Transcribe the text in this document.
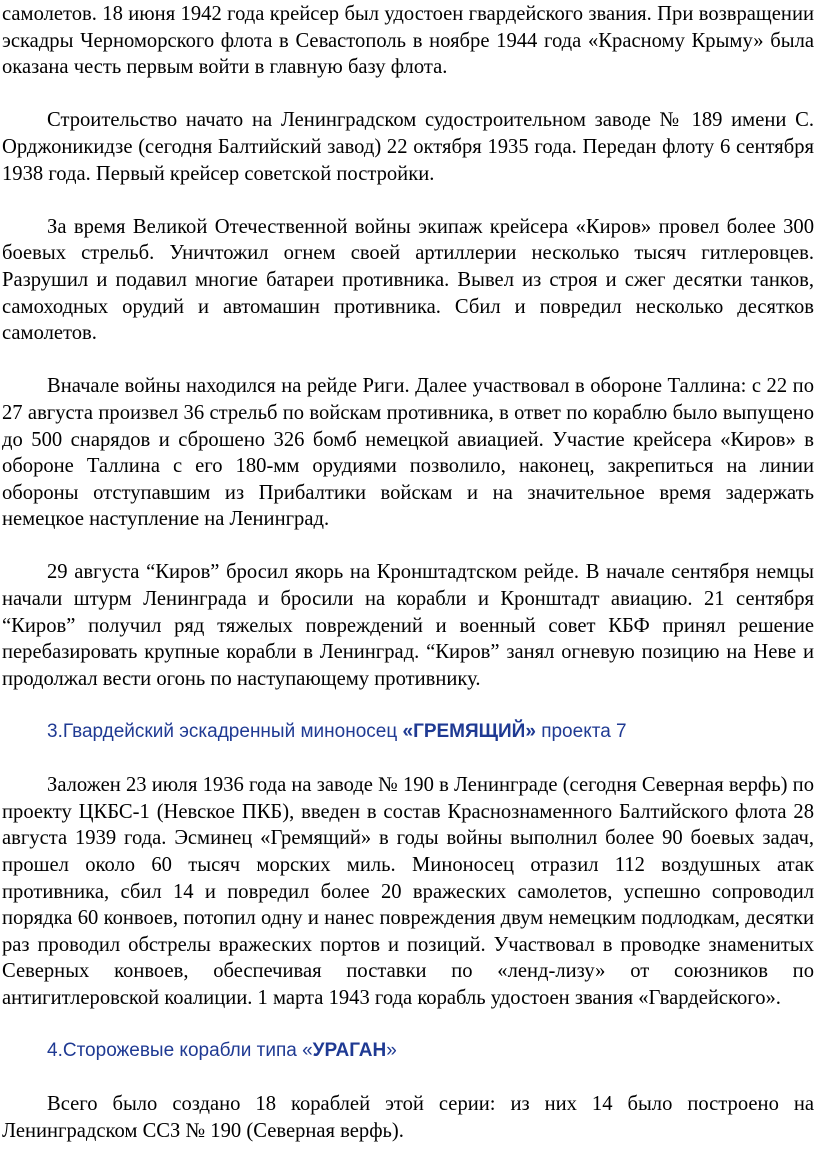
самолетов. 18 июня 1942 года крейсер был удостоен гвардейского звания. При возвращении эскадры Черноморского флота в Севастополь в ноябре 1944 года «Красному Крыму» была оказана честь первым войти в главную базу флота.

Строительство начато на Ленинградском судостроительном заводе № 189 имени С. Орджоникидзе (сегодня Балтийский завод) 22 октября 1935 года. Передан флоту 6 сентября 1938 года. Первый крейсер советской постройки.

За время Великой Отечественной войны экипаж крейсера «Киров» провел более 300 боевых стрельб. Уничтожил огнем своей артиллерии несколько тысяч гитлеровцев. Разрушил и подавил многие батареи противника. Вывел из строя и сжег десятки танков, самоходных орудий и автомашин противника. Сбил и повредил несколько десятков самолетов.

Вначале войны находился на рейде Риги. Далее участвовал в обороне Таллина: с 22 по 27 августа произвел 36 стрельб по войскам противника, в ответ по кораблю было выпущено до 500 снарядов и сброшено 326 бомб немецкой авиацией. Участие крейсера «Киров» в обороне Таллина с его 180-мм орудиями позволило, наконец, закрепиться на линии обороны отступавшим из Прибалтики войскам и на значительное время задержать немецкое наступление на Ленинград.

29 августа “Киров” бросил якорь на Кронштадтском рейде. В начале сентября немцы начали штурм Ленинграда и бросили на корабли и Кронштадт авиацию. 21 сентября “Киров” получил ряд тяжелых повреждений и военный совет КБФ принял решение перебазировать крупные корабли в Ленинград. “Киров” занял огневую позицию на Неве и продолжал вести огонь по наступающему противнику.

3.Гвардейский эскадренный миноносец «ГРЕМЯЩИЙ» проекта 7

Заложен 23 июля 1936 года на заводе № 190 в Ленинграде (сегодня Северная верфь) по проекту ЦКБС-1 (Невское ПКБ), введен в состав Краснознаменного Балтийского флота 28 августа 1939 года. Эсминец «Гремящий» в годы войны выполнил более 90 боевых задач, прошел около 60 тысяч морских миль. Миноносец отразил 112 воздушных атак противника, сбил 14 и повредил более 20 вражеских самолетов, успешно сопроводил порядка 60 конвоев, потопил одну и нанес повреждения двум немецким подлодкам, десятки раз проводил обстрелы вражеских портов и позиций. Участвовал в проводке знаменитых Северных конвоев, обеспечивая поставки по «ленд-лизу» от союзников по антигитлеровской коалиции. 1 марта 1943 года корабль удостоен звания «Гвардейского».

4.Сторожевые корабли типа «УРАГАН»

Всего было создано 18 кораблей этой серии: из них 14 было построено на Ленинградском ССЗ № 190 (Северная верфь).
